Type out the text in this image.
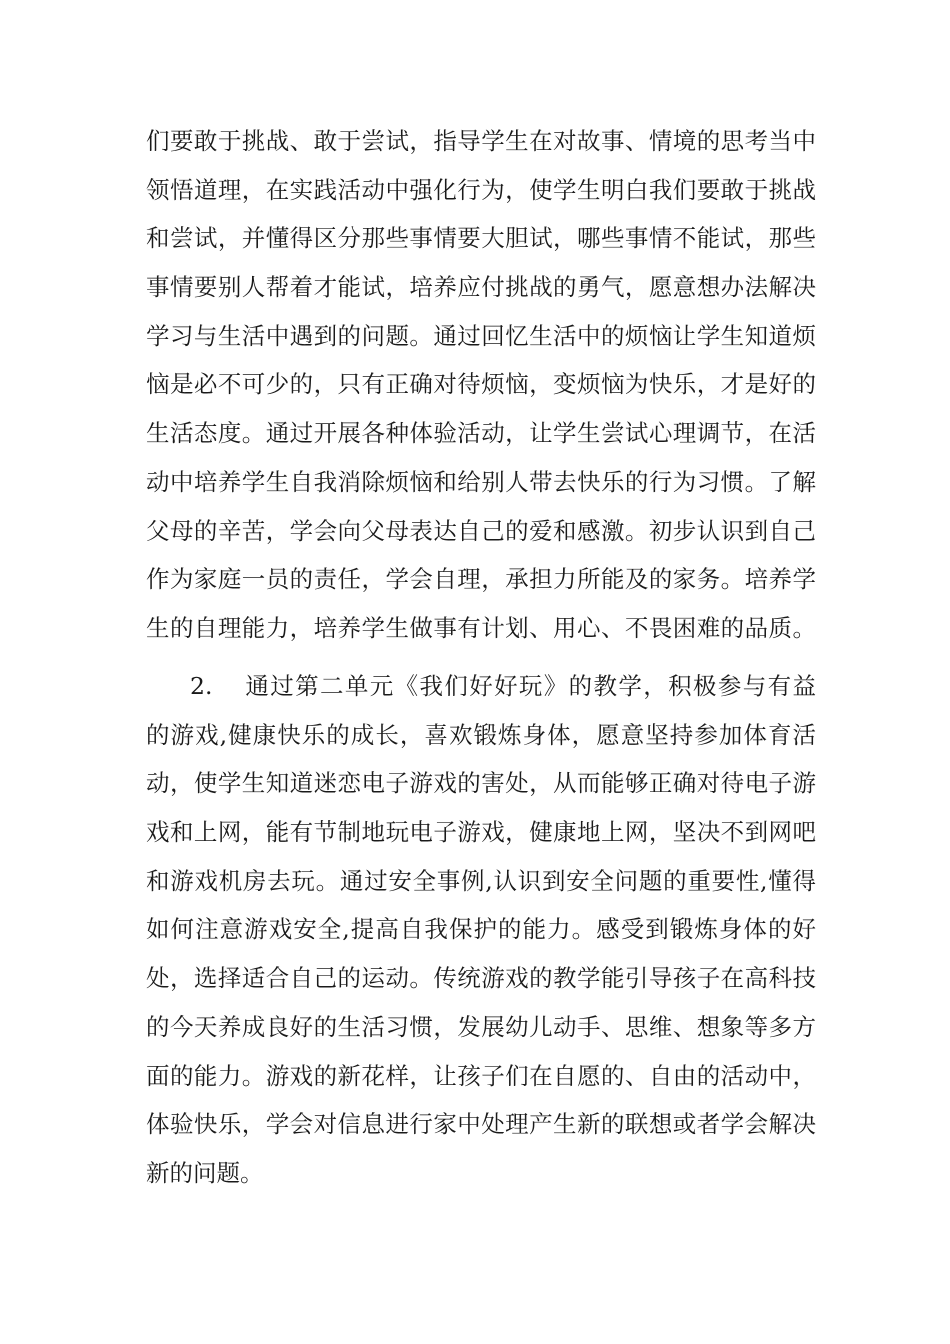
们要敢于挑战、敢于尝试，指导学生在对故事、情境的思考当中
领悟道理，在实践活动中强化行为，使学生明白我们要敢于挑战
和尝试，并懂得区分那些事情要大胆试，哪些事情不能试，那些
事情要别人帮着才能试，培养应付挑战的勇气，愿意想办法解决
学习与生活中遇到的问题。通过回忆生活中的烦恼让学生知道烦
恼是必不可少的，只有正确对待烦恼，变烦恼为快乐，才是好的
生活态度。通过开展各种体验活动，让学生尝试心理调节，在活
动中培养学生自我消除烦恼和给别人带去快乐的行为习惯。了解
父母的辛苦，学会向父母表达自己的爱和感激。初步认识到自己
作为家庭一员的责任，学会自理，承担力所能及的家务。培养学
生的自理能力，培养学生做事有计划、用心、不畏困难的品质。
2. 通过第二单元《我们好好玩》的教学，积极参与有益
的游戏,健康快乐的成长，喜欢锻炼身体，愿意坚持参加体育活
动，使学生知道迷恋电子游戏的害处，从而能够正确对待电子游
戏和上网，能有节制地玩电子游戏，健康地上网，坚决不到网吧
和游戏机房去玩。通过安全事例,认识到安全问题的重要性,懂得
如何注意游戏安全,提高自我保护的能力。感受到锻炼身体的好
处，选择适合自己的运动。传统游戏的教学能引导孩子在高科技
的今天养成良好的生活习惯，发展幼儿动手、思维、想象等多方
面的能力。游戏的新花样，让孩子们在自愿的、自由的活动中，
体验快乐，学会对信息进行家中处理产生新的联想或者学会解决
新的问题。
